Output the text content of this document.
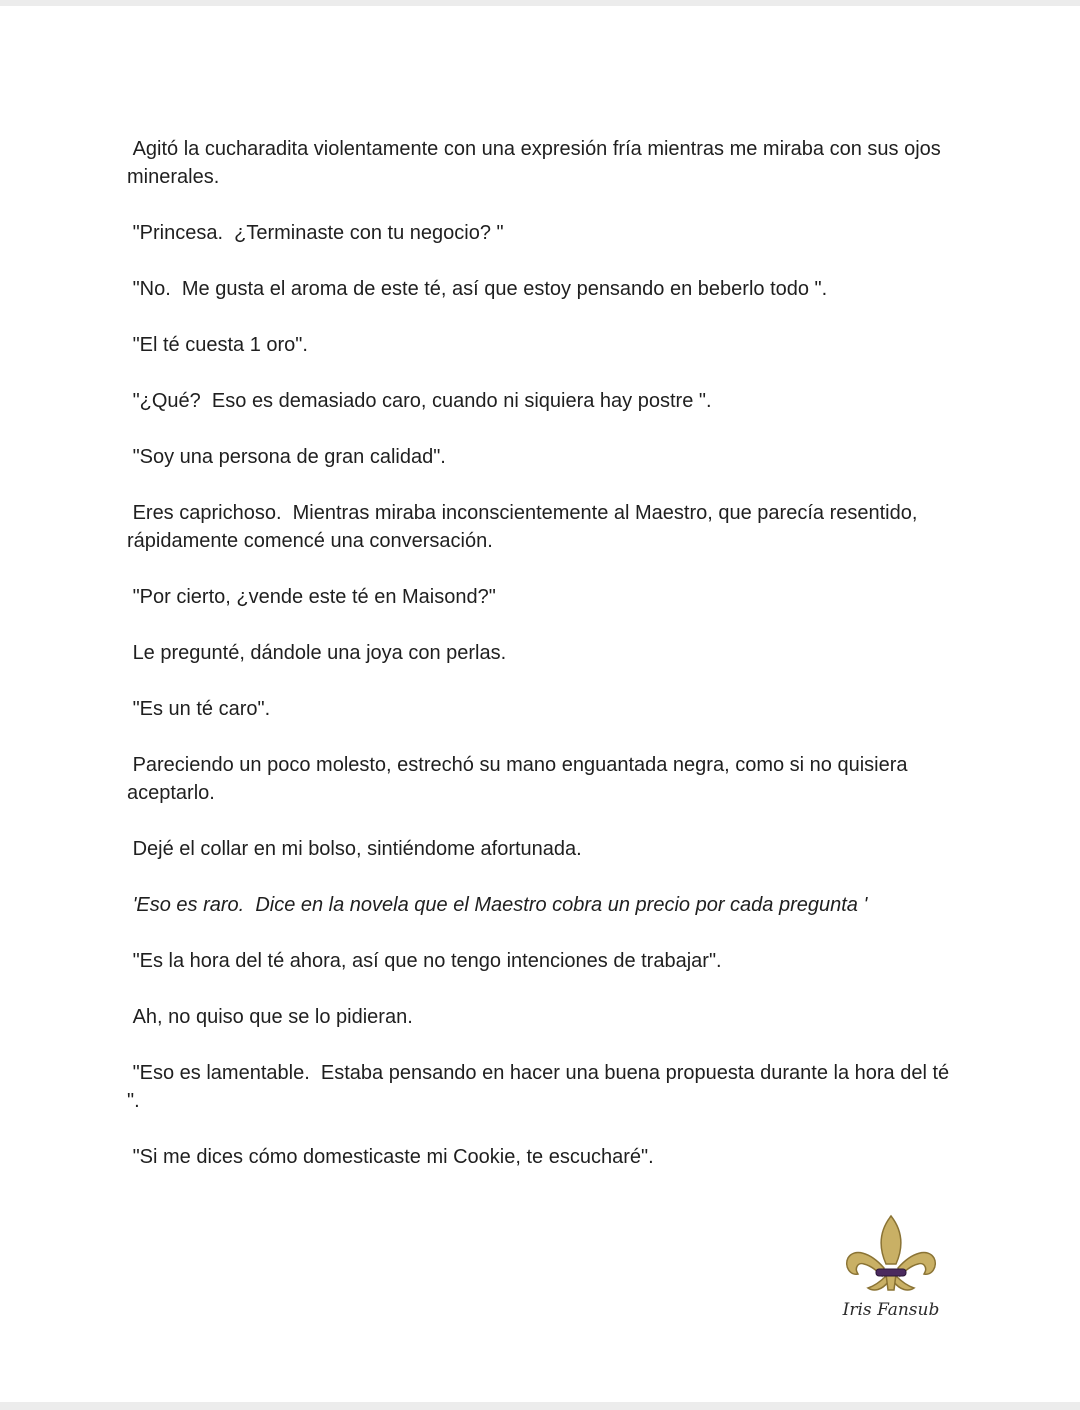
Agitó la cucharadita violentamente con una expresión fría mientras me miraba con sus ojos minerales.

"Princesa.  ¿Terminaste con tu negocio? "

"No.  Me gusta el aroma de este té, así que estoy pensando en beberlo todo ".

"El té cuesta 1 oro".

"¿Qué?  Eso es demasiado caro, cuando ni siquiera hay postre ".

"Soy una persona de gran calidad".

Eres caprichoso.  Mientras miraba inconscientemente al Maestro, que parecía resentido, rápidamente comencé una conversación.

"Por cierto, ¿vende este té en Maisond?"

Le pregunté, dándole una joya con perlas.

"Es un té caro".

Pareciendo un poco molesto, estrechó su mano enguantada negra, como si no quisiera aceptarlo.

Dejé el collar en mi bolso, sintiéndome afortunada.

'Eso es raro.  Dice en la novela que el Maestro cobra un precio por cada pregunta '

"Es la hora del té ahora, así que no tengo intenciones de trabajar".

Ah, no quiso que se lo pidieran.

"Eso es lamentable.  Estaba pensando en hacer una buena propuesta durante la hora del té ".

"Si me dices cómo domesticaste mi Cookie, te escucharé".

Iris Fansub
